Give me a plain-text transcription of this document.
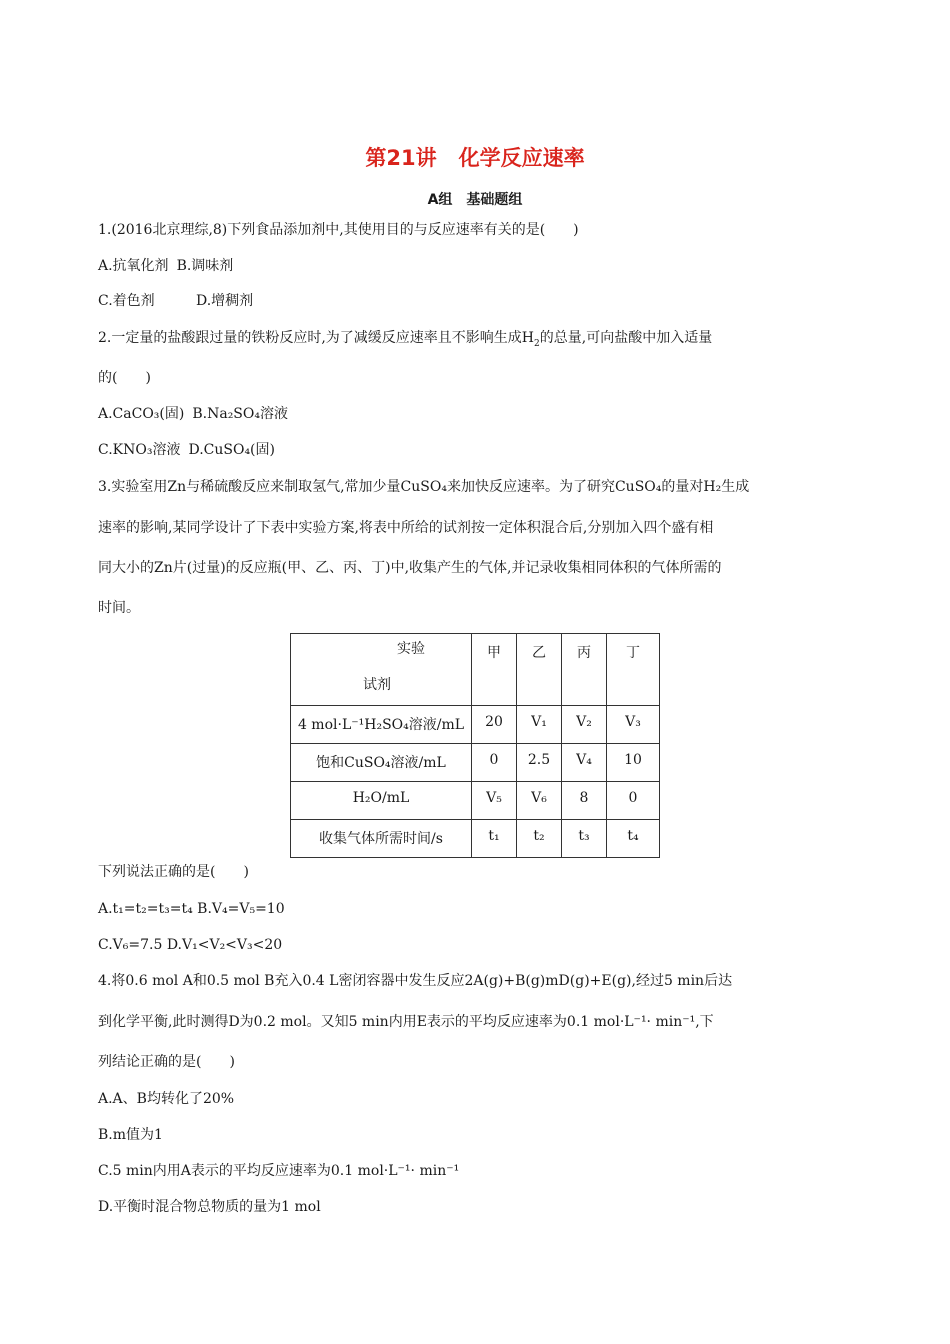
第21讲 化学反应速率
A组 基础题组
1.(2016北京理综,8)下列食品添加剂中,其使用目的与反应速率有关的是(　　)
A.抗氧化剂 B.调味剂
C.着色剂	D.增稠剂
2.一定量的盐酸跟过量的铁粉反应时,为了减缓反应速率且不影响生成$H_2$的总量,可向盐酸中加入适量
的(　　)
A.CaCO₃(固) B.Na₂SO₄溶液
C.KNO₃溶液 D.CuSO₄(固)
3.实验室用Zn与稀硫酸反应来制取氢气,常加少量CuSO₄来加快反应速率。为了研究CuSO₄的量对H₂生成
速率的影响,某同学设计了下表中实验方案,将表中所给的试剂按一定体积混合后,分别加入四个盛有相
同大小的Zn片(过量)的反应瓶(甲、乙、丙、丁)中,收集产生的气体,并记录收集相同体积的气体所需的
时间。
实验
试剂	甲	乙	丙	丁
4 mol·L⁻¹H₂SO₄溶液/mL	20	V₁	V₂	V₃
饱和CuSO₄溶液/mL	0	2.5	V₄	10
H₂O/mL	V₅	V₆	8	0
收集气体所需时间/s	t₁	t₂	t₃	t₄
下列说法正确的是(　　)
A.t₁=t₂=t₃=t₄ B.V₄=V₅=10
C.V₆=7.5 D.V₁<V₂<V₃<20
4.将0.6 mol A和0.5 mol B充入0.4 L密闭容器中发生反应2A(g)+B(g)mD(g)+E(g),经过5 min后达
到化学平衡,此时测得D为0.2 mol。又知5 min内用E表示的平均反应速率为0.1 mol·L⁻¹· min⁻¹,下
列结论正确的是(　　)
A.A、B均转化了20%
B.m值为1
C.5 min内用A表示的平均反应速率为0.1 mol·L⁻¹· min⁻¹
D.平衡时混合物总物质的量为1 mol
